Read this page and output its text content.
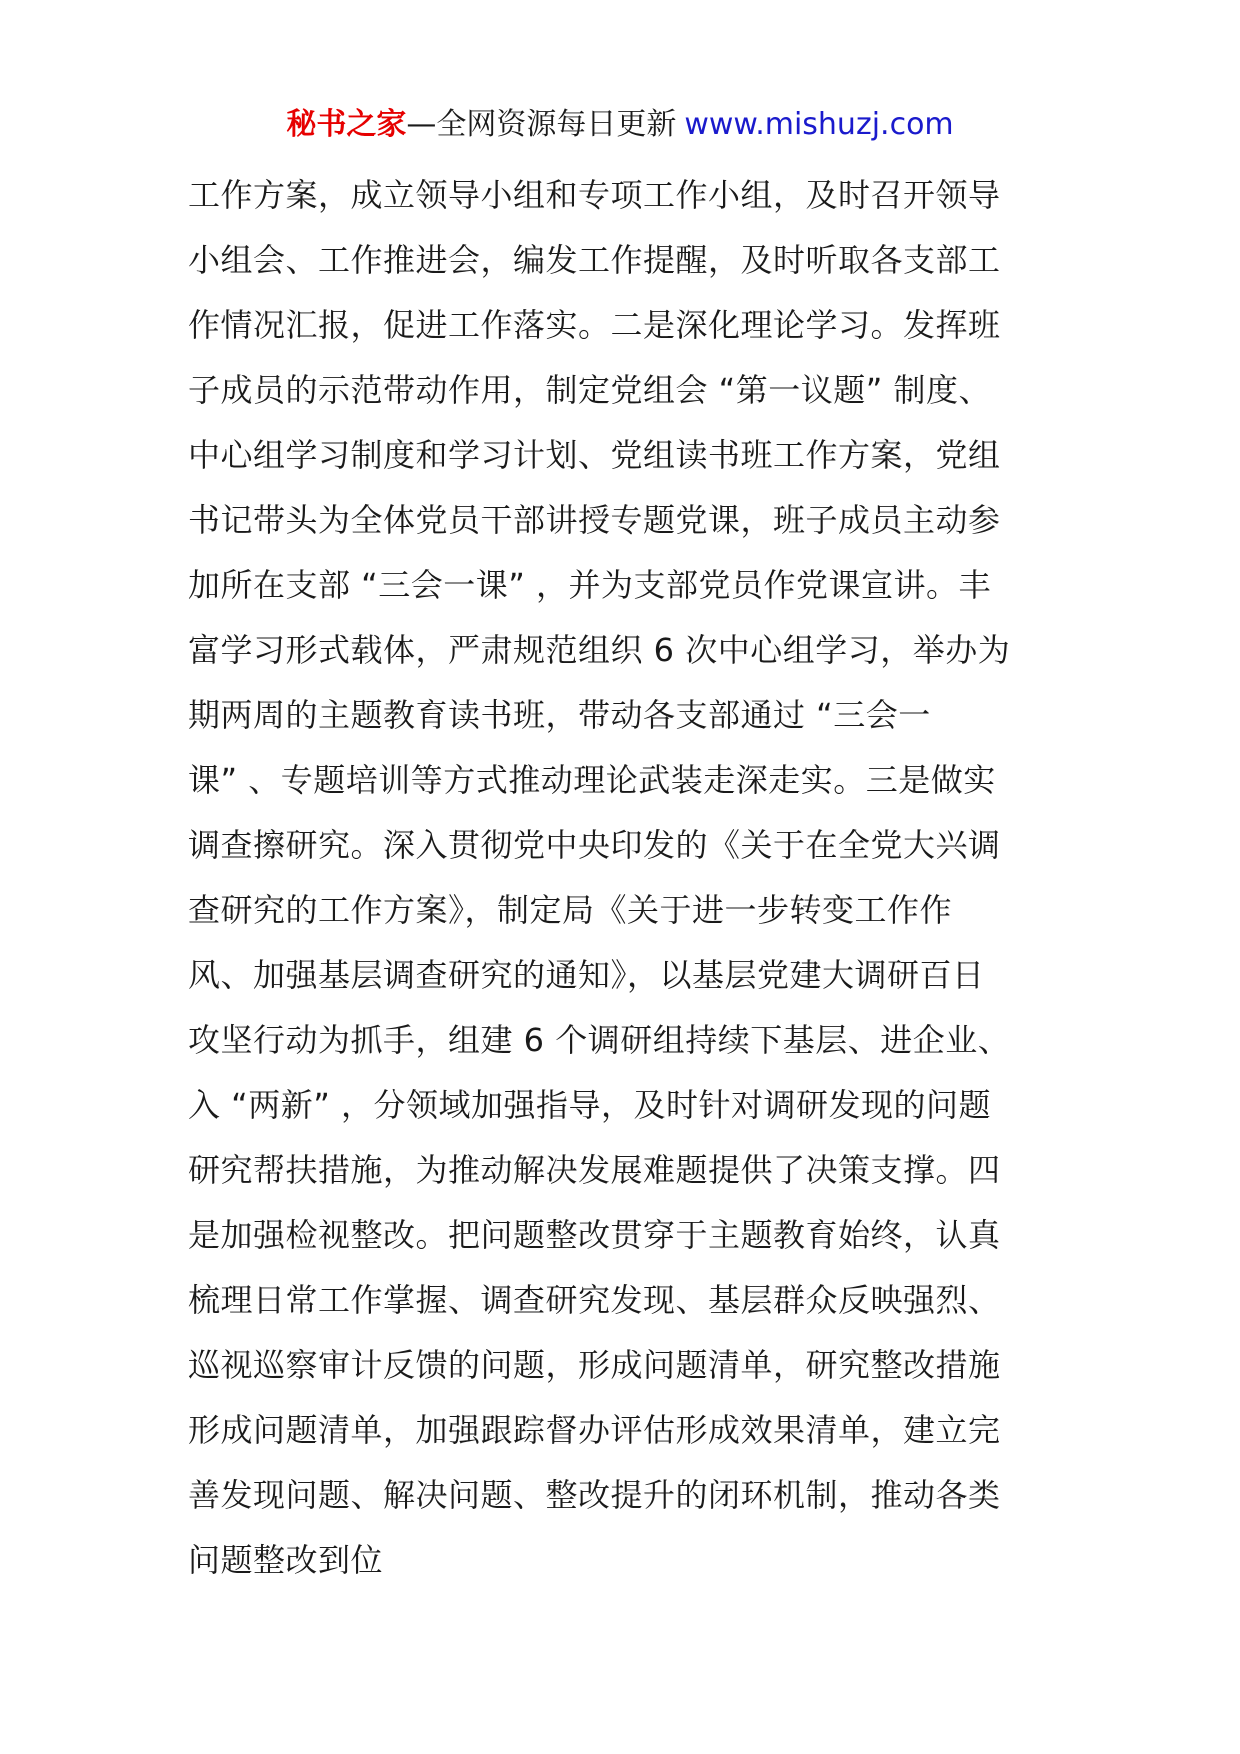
秘书之家—全网资源每日更新 www.mishuzj.com
工作方案，成立领导小组和专项工作小组，及时召开领导
小组会、工作推进会，编发工作提醒，及时听取各支部工
作情况汇报，促进工作落实。二是深化理论学习。发挥班
子成员的示范带动作用，制定党组会 “第一议题” 制度、
中心组学习制度和学习计划、党组读书班工作方案，党组
书记带头为全体党员干部讲授专题党课，班子成员主动参
加所在支部 “三会一课” ，并为支部党员作党课宣讲。丰
富学习形式载体，严肃规范组织 6 次中心组学习，举办为
期两周的主题教育读书班，带动各支部通过 “三会一
课” 、专题培训等方式推动理论武装走深走实。三是做实
调查擦研究。深入贯彻党中央印发的《关于在全党大兴调
查研究的工作方案》，制定局《关于进一步转变工作作
风、加强基层调查研究的通知》，以基层党建大调研百日
攻坚行动为抓手，组建 6 个调研组持续下基层、进企业、
入 “两新” ，分领域加强指导，及时针对调研发现的问题
研究帮扶措施，为推动解决发展难题提供了决策支撑。四
是加强检视整改。把问题整改贯穿于主题教育始终，认真
梳理日常工作掌握、调查研究发现、基层群众反映强烈、
巡视巡察审计反馈的问题，形成问题清单，研究整改措施
形成问题清单，加强跟踪督办评估形成效果清单，建立完
善发现问题、解决问题、整改提升的闭环机制，推动各类
问题整改到位
